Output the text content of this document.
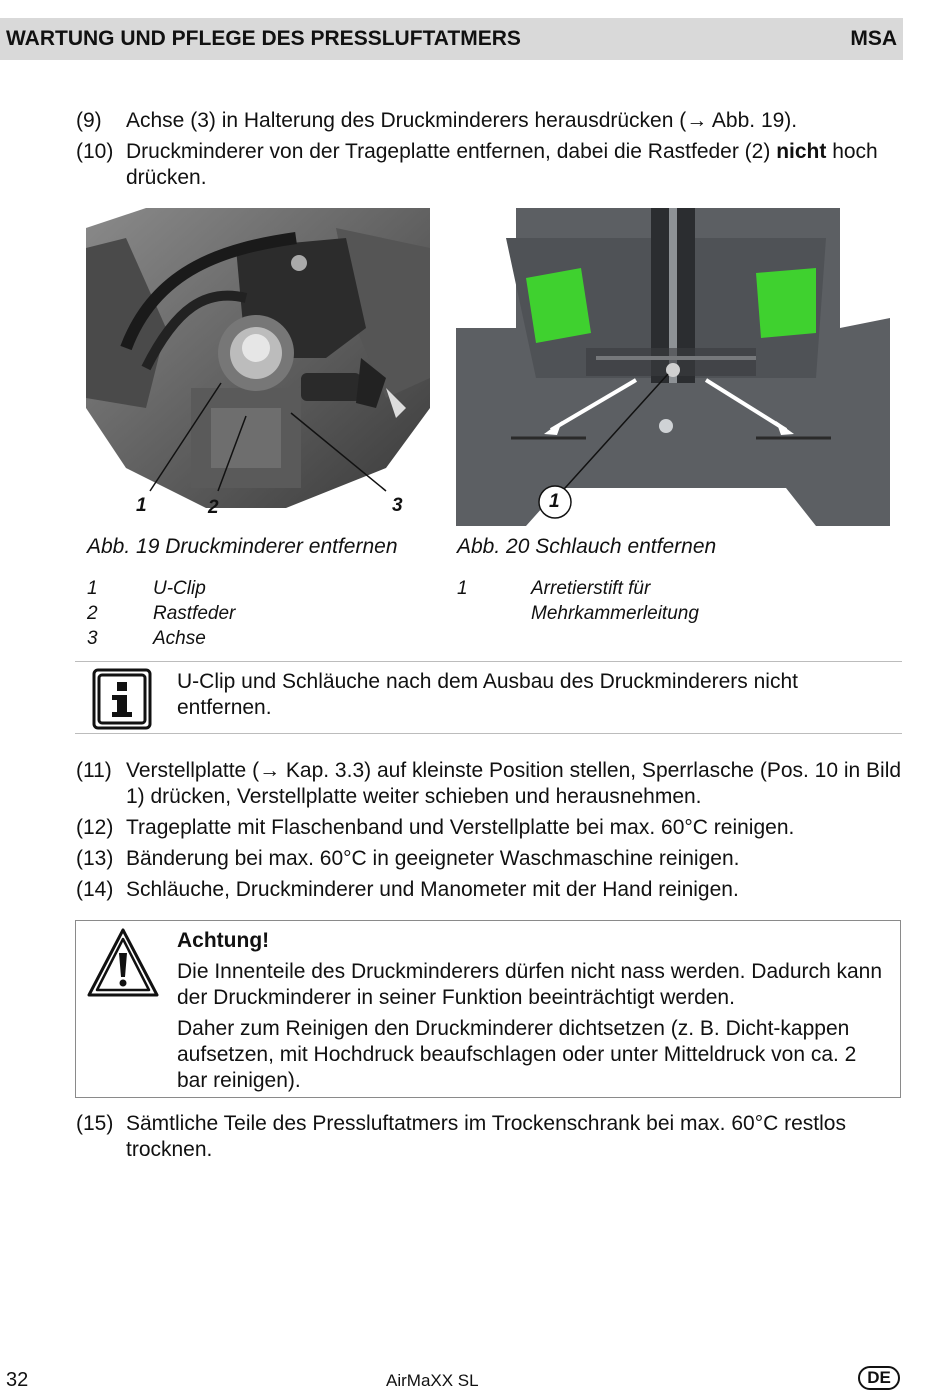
WARTUNG UND PFLEGE DES PRESSLUFTATMERS	MSA
(9) Achse (3) in Halterung des Druckminderers herausdrücken (→ Abb. 19).
(10) Druckminderer von der Trageplatte entfernen, dabei die Rastfeder (2) nicht hoch drücken.
1	2	3	1
Abb. 19 Druckminderer entfernen	Abb. 20 Schlauch entfernen
1	U-Clip
2	Rastfeder
3	Achse
1	Arretierstift für
Mehrkammerleitung
U-Clip und Schläuche nach dem Ausbau des Druckminderers nicht entfernen.
(11) Verstellplatte (→ Kap. 3.3) auf kleinste Position stellen, Sperrlasche (Pos. 10 in Bild 1) drücken, Verstellplatte weiter schieben und herausnehmen.
(12) Trageplatte mit Flaschenband und Verstellplatte bei max. 60°C reinigen.
(13) Bänderung bei max. 60°C in geeigneter Waschmaschine reinigen.
(14) Schläuche, Druckminderer und Manometer mit der Hand reinigen.
Achtung!
Die Innenteile des Druckminderers dürfen nicht nass werden. Dadurch kann der Druckminderer in seiner Funktion beeinträchtigt werden.
Daher zum Reinigen den Druckminderer dichtsetzen (z. B. Dicht-kappen aufsetzen, mit Hochdruck beaufschlagen oder unter Mitteldruck von ca. 2 bar reinigen).
(15) Sämtliche Teile des Pressluftatmers im Trockenschrank bei max. 60°C restlos trocknen.
32	AirMaXX SL	DE
